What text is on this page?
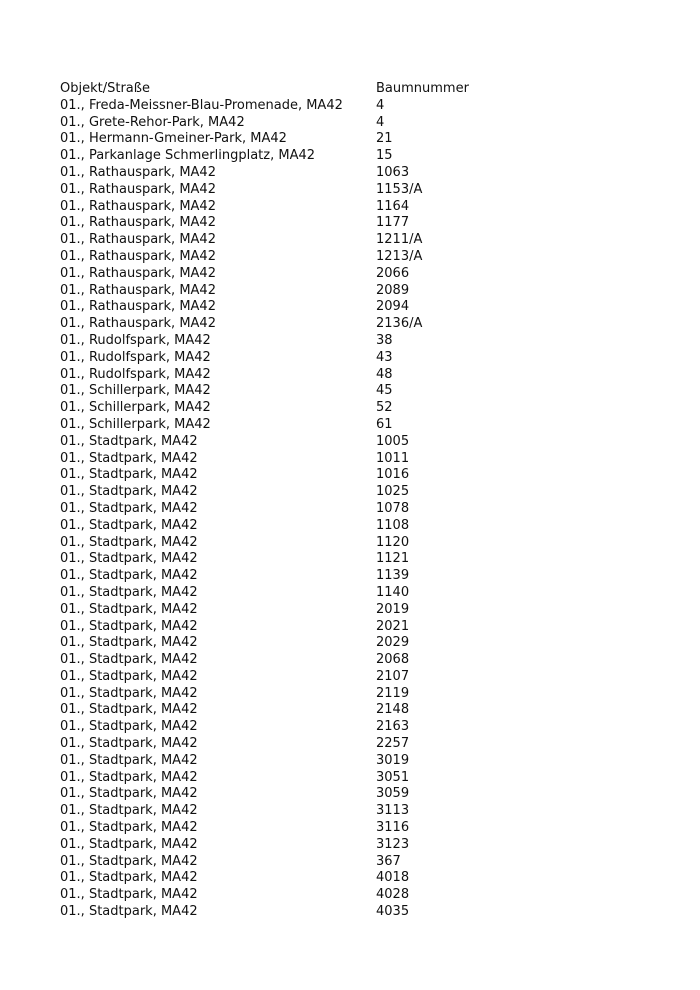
Objekt/Straße	Baumnummer
01., Freda-Meissner-Blau-Promenade, MA42	4
01., Grete-Rehor-Park, MA42	4
01., Hermann-Gmeiner-Park, MA42	21
01., Parkanlage Schmerlingplatz, MA42	15
01., Rathauspark, MA42	1063
01., Rathauspark, MA42	1153/A
01., Rathauspark, MA42	1164
01., Rathauspark, MA42	1177
01., Rathauspark, MA42	1211/A
01., Rathauspark, MA42	1213/A
01., Rathauspark, MA42	2066
01., Rathauspark, MA42	2089
01., Rathauspark, MA42	2094
01., Rathauspark, MA42	2136/A
01., Rudolfspark, MA42	38
01., Rudolfspark, MA42	43
01., Rudolfspark, MA42	48
01., Schillerpark, MA42	45
01., Schillerpark, MA42	52
01., Schillerpark, MA42	61
01., Stadtpark, MA42	1005
01., Stadtpark, MA42	1011
01., Stadtpark, MA42	1016
01., Stadtpark, MA42	1025
01., Stadtpark, MA42	1078
01., Stadtpark, MA42	1108
01., Stadtpark, MA42	1120
01., Stadtpark, MA42	1121
01., Stadtpark, MA42	1139
01., Stadtpark, MA42	1140
01., Stadtpark, MA42	2019
01., Stadtpark, MA42	2021
01., Stadtpark, MA42	2029
01., Stadtpark, MA42	2068
01., Stadtpark, MA42	2107
01., Stadtpark, MA42	2119
01., Stadtpark, MA42	2148
01., Stadtpark, MA42	2163
01., Stadtpark, MA42	2257
01., Stadtpark, MA42	3019
01., Stadtpark, MA42	3051
01., Stadtpark, MA42	3059
01., Stadtpark, MA42	3113
01., Stadtpark, MA42	3116
01., Stadtpark, MA42	3123
01., Stadtpark, MA42	367
01., Stadtpark, MA42	4018
01., Stadtpark, MA42	4028
01., Stadtpark, MA42	4035
